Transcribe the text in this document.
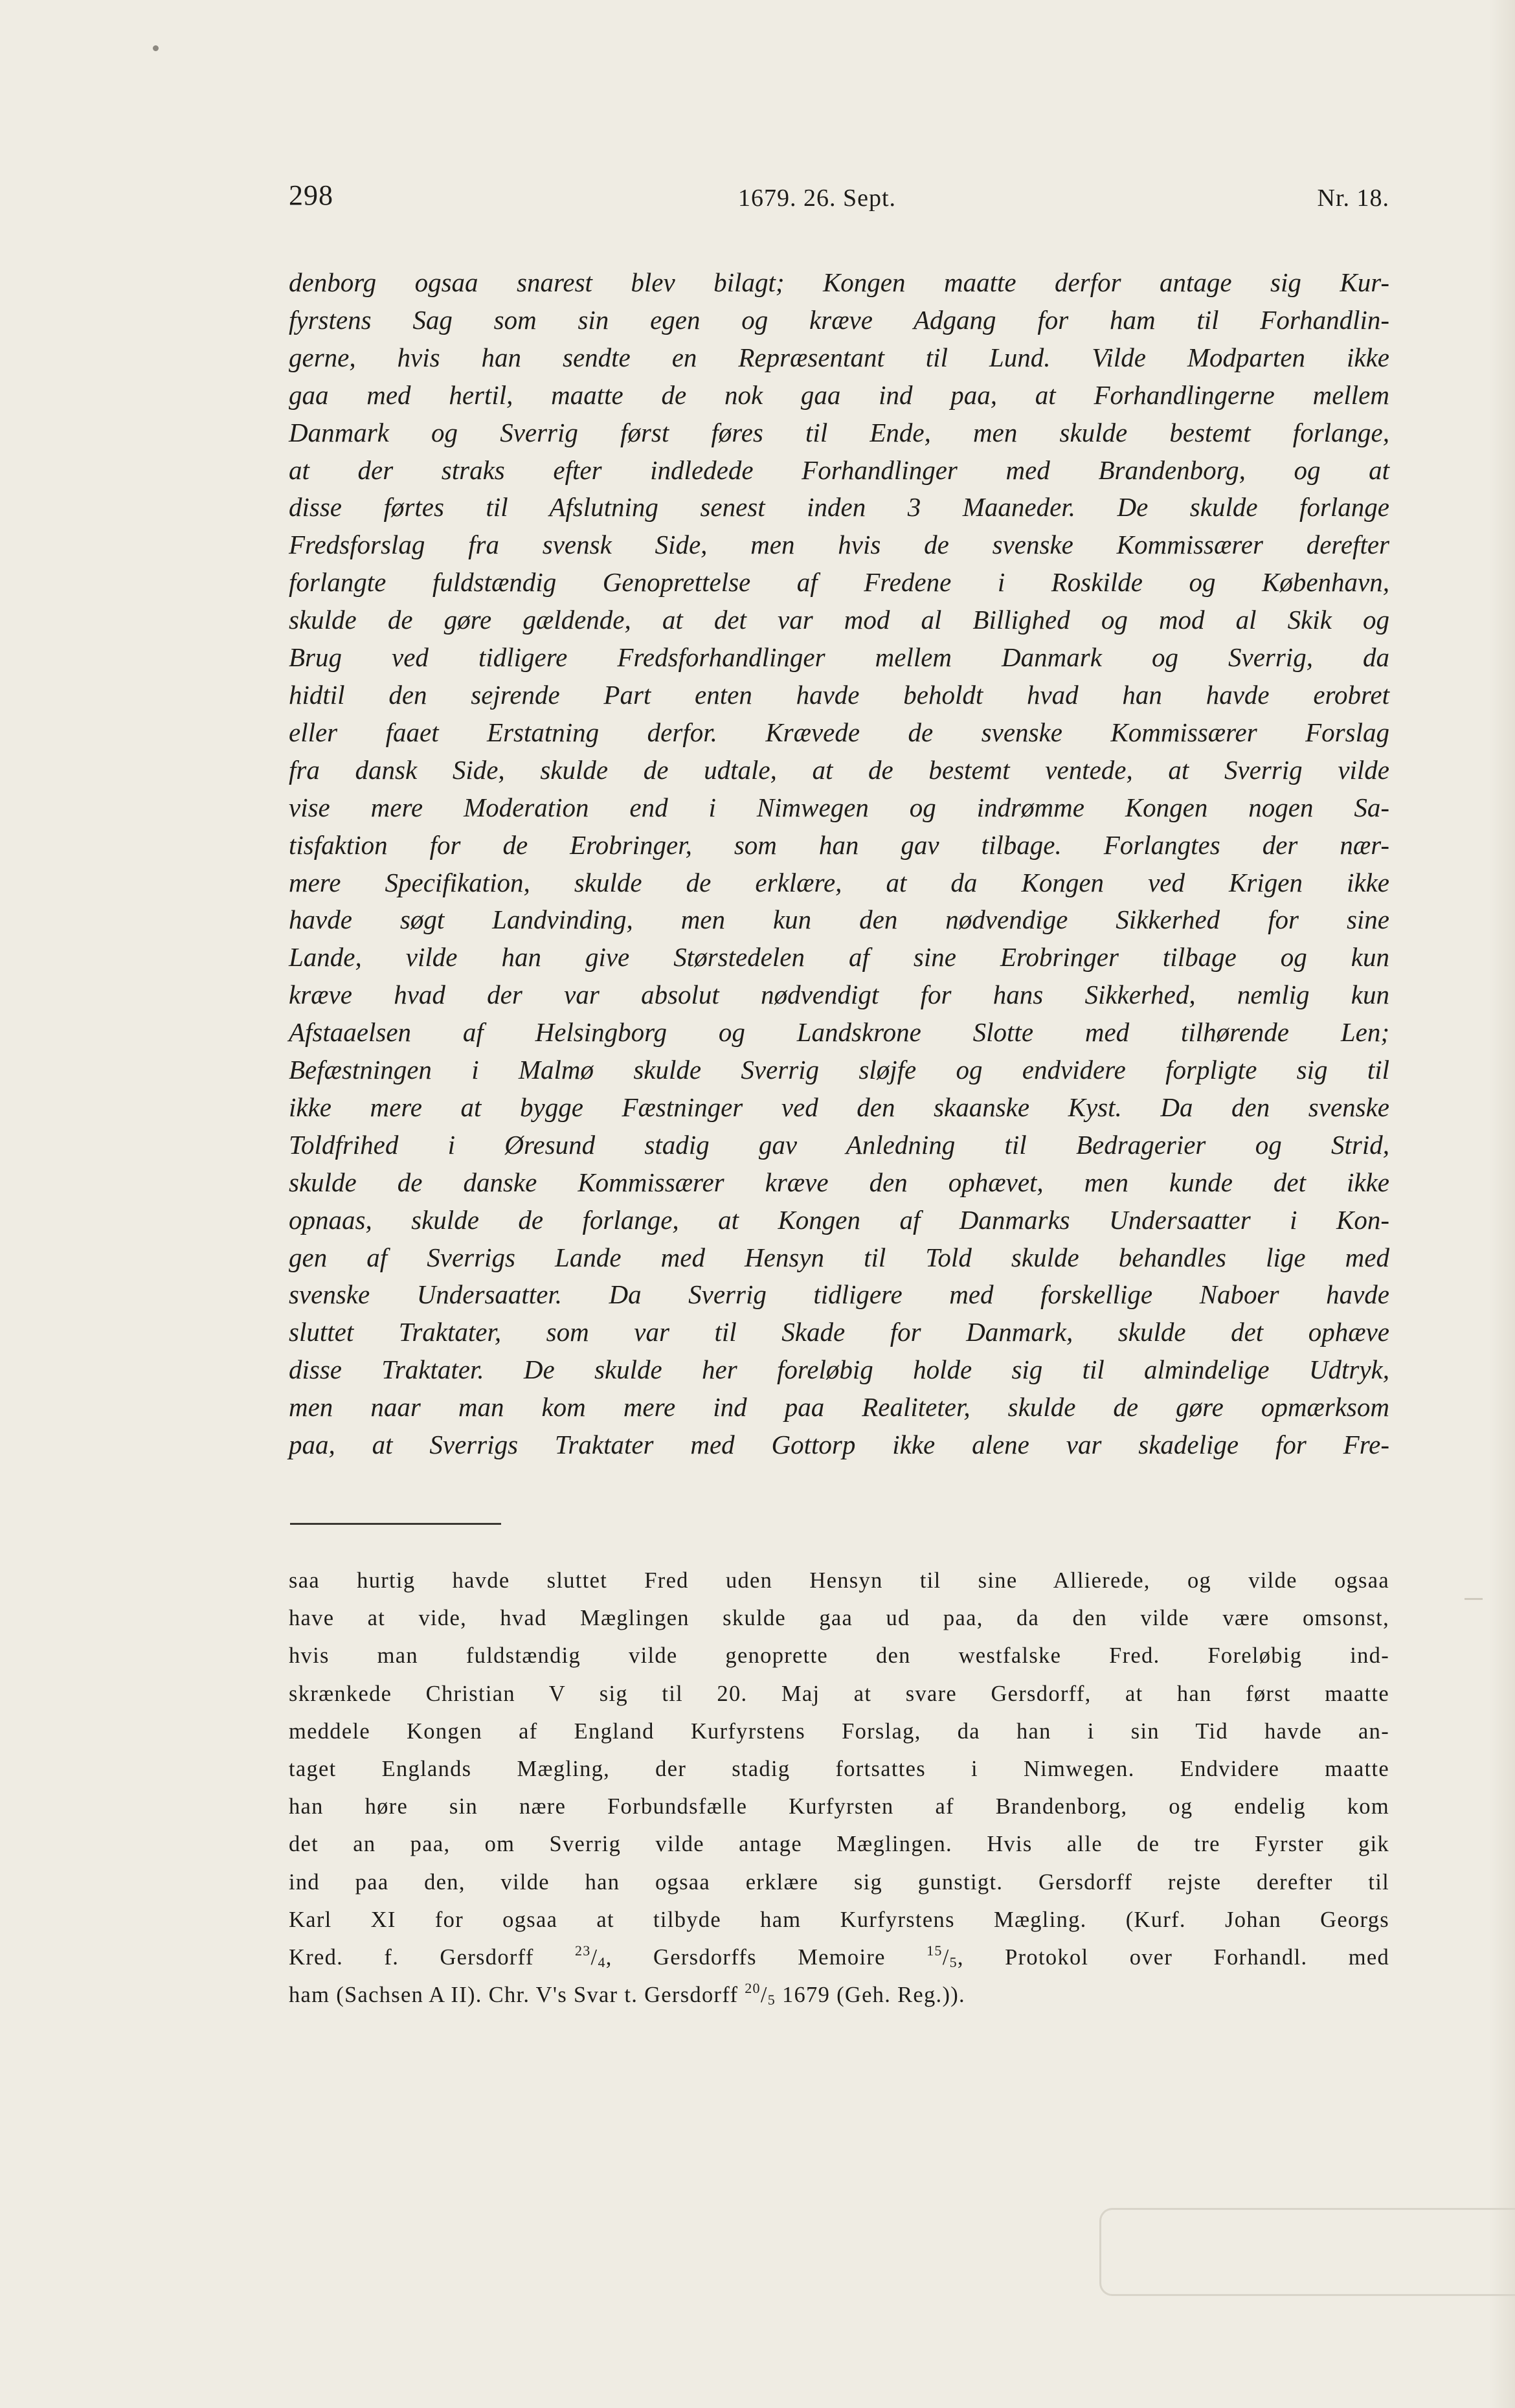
298	1679. 26. Sept.	Nr. 18.
denborg ogsaa snarest blev bilagt; Kongen maatte derfor antage sig Kur-
fyrstens Sag som sin egen og kræve Adgang for ham til Forhandlin-
gerne, hvis han sendte en Repræsentant til Lund. Vilde Modparten ikke
gaa med hertil, maatte de nok gaa ind paa, at Forhandlingerne mellem
Danmark og Sverrig først føres til Ende, men skulde bestemt forlange,
at der straks efter indledede Forhandlinger med Brandenborg, og at
disse førtes til Afslutning senest inden 3 Maaneder. De skulde forlange
Fredsforslag fra svensk Side, men hvis de svenske Kommissærer derefter
forlangte fuldstændig Genoprettelse af Fredene i Roskilde og København,
skulde de gøre gældende, at det var mod al Billighed og mod al Skik og
Brug ved tidligere Fredsforhandlinger mellem Danmark og Sverrig, da
hidtil den sejrende Part enten havde beholdt hvad han havde erobret
eller faaet Erstatning derfor. Krævede de svenske Kommissærer Forslag
fra dansk Side, skulde de udtale, at de bestemt ventede, at Sverrig vilde
vise mere Moderation end i Nimwegen og indrømme Kongen nogen Sa-
tisfaktion for de Erobringer, som han gav tilbage. Forlangtes der nær-
mere Specifikation, skulde de erklære, at da Kongen ved Krigen ikke
havde søgt Landvinding, men kun den nødvendige Sikkerhed for sine
Lande, vilde han give Størstedelen af sine Erobringer tilbage og kun
kræve hvad der var absolut nødvendigt for hans Sikkerhed, nemlig kun
Afstaaelsen af Helsingborg og Landskrone Slotte med tilhørende Len;
Befæstningen i Malmø skulde Sverrig sløjfe og endvidere forpligte sig til
ikke mere at bygge Fæstninger ved den skaanske Kyst. Da den svenske
Toldfrihed i Øresund stadig gav Anledning til Bedragerier og Strid,
skulde de danske Kommissærer kræve den ophævet, men kunde det ikke
opnaas, skulde de forlange, at Kongen af Danmarks Undersaatter i Kon-
gen af Sverrigs Lande med Hensyn til Told skulde behandles lige med
svenske Undersaatter. Da Sverrig tidligere med forskellige Naboer havde
sluttet Traktater, som var til Skade for Danmark, skulde det ophæve
disse Traktater. De skulde her foreløbig holde sig til almindelige Udtryk,
men naar man kom mere ind paa Realiteter, skulde de gøre opmærksom
paa, at Sverrigs Traktater med Gottorp ikke alene var skadelige for Fre-
saa hurtig havde sluttet Fred uden Hensyn til sine Allierede, og vilde ogsaa
have at vide, hvad Mæglingen skulde gaa ud paa, da den vilde være omsonst,
hvis man fuldstændig vilde genoprette den westfalske Fred. Foreløbig ind-
skrænkede Christian V sig til 20. Maj at svare Gersdorff, at han først maatte
meddele Kongen af England Kurfyrstens Forslag, da han i sin Tid havde an-
taget Englands Mægling, der stadig fortsattes i Nimwegen. Endvidere maatte
han høre sin nære Forbundsfælle Kurfyrsten af Brandenborg, og endelig kom
det an paa, om Sverrig vilde antage Mæglingen. Hvis alle de tre Fyrster gik
ind paa den, vilde han ogsaa erklære sig gunstigt. Gersdorff rejste derefter til
Karl XI for ogsaa at tilbyde ham Kurfyrstens Mægling. (Kurf. Johan Georgs
Kred. f. Gersdorff $^{23}/_4$, Gersdorffs Memoire $^{15}/_5$, Protokol over Forhandl. med
ham (Sachsen A II). Chr. V's Svar t. Gersdorff $^{20}/_5$ 1679 (Geh. Reg.)).
